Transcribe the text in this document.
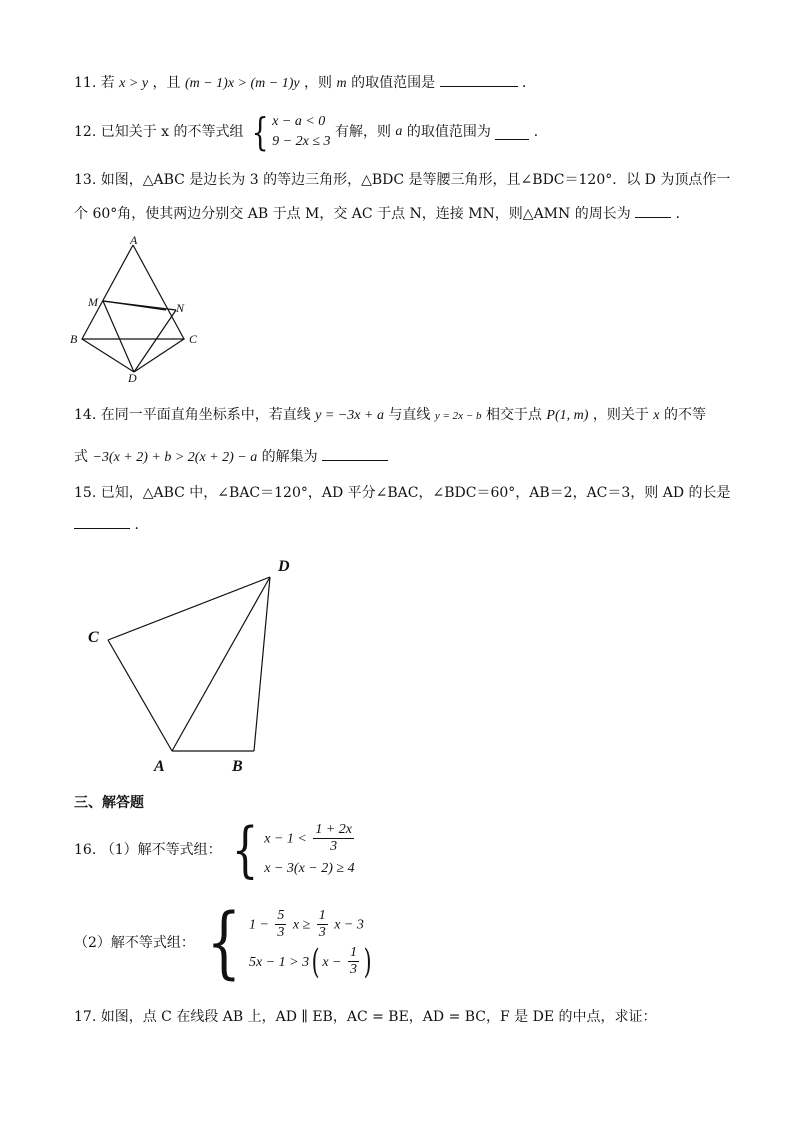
11. 若 x > y ，且 (m − 1)x > (m − 1)y ，则 m 的取值范围是	．
12. 已知关于 x 的不等式组 { x − a < 0
9 − 2x ≤ 3
有解，则 a 的取值范围为	．
13. 如图，△ABC 是边长为 3 的等边三角形，△BDC 是等腰三角形，且∠BDC＝120°．以 D 为顶点作一
个 60°角，使其两边分别交 AB 于点 M，交 AC 于点 N，连接 MN，则△AMN 的周长为	．
A
M	N
B	C
D
14. 在同一平面直角坐标系中，若直线 y = −3x + a 与直线 y = 2x − b 相交于点 P(1, m) ，则关于 x 的不等
式 −3(x + 2) + b > 2(x + 2) − a 的解集为
15. 已知，△ABC 中，∠BAC＝120°，AD 平分∠BAC，∠BDC＝60°，AB＝2，AC＝3，则 AD 的长是
．
D
C
A	B
三、解答题
16. （1）解不等式组： { $x - 1 < \frac{1 + 2x}{3}$
x − 3(x − 2) ≥ 4
（2）解不等式组： { $1 - \frac{5}{3}$ $x \ge \frac{1}{3}$ x − 3
5x − 1 > 3( $x - \frac{1}{3}$ )
17. 如图，点 C 在线段 AB 上，AD ∥ EB，AC = BE，AD = BC，F 是 DE 的中点，求证：
